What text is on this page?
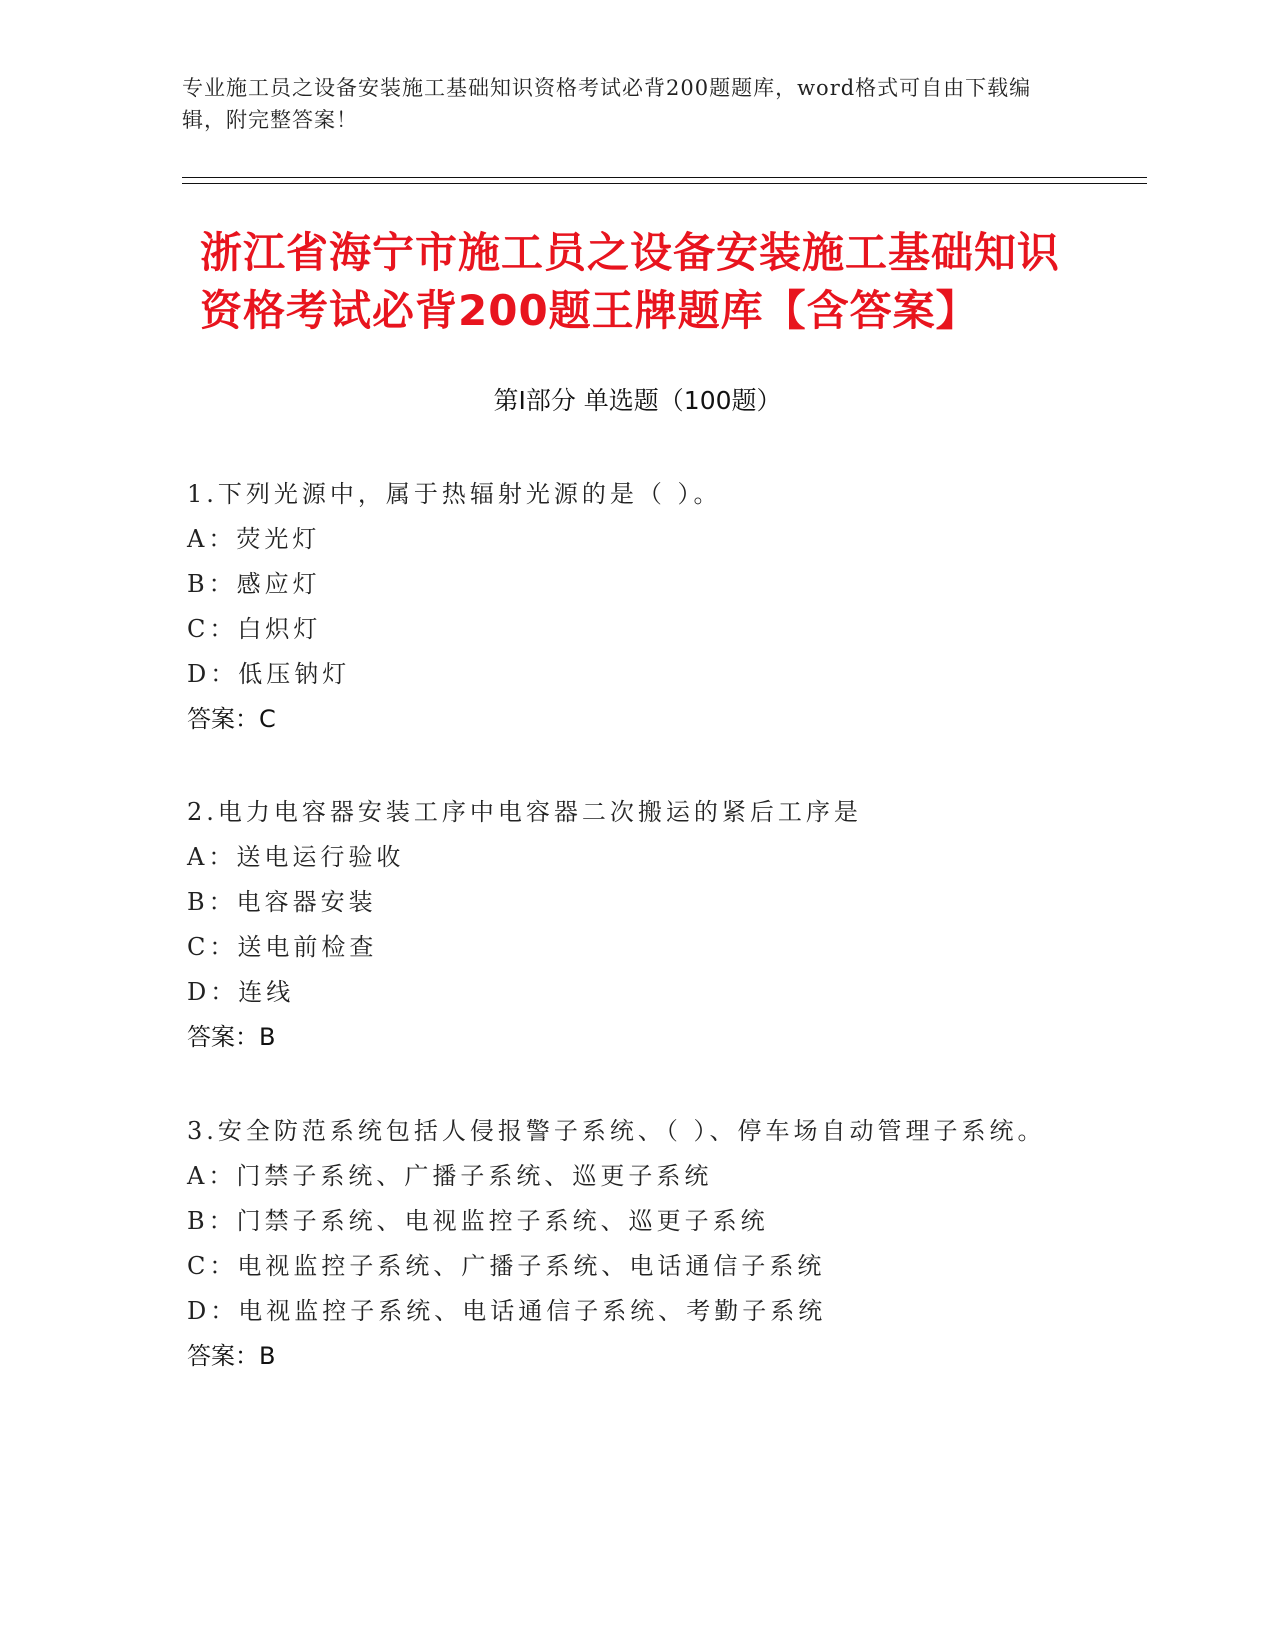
专业施工员之设备安装施工基础知识资格考试必背200题题库，word格式可自由下载编辑，附完整答案！
浙江省海宁市施工员之设备安装施工基础知识资格考试必背200题王牌题库【含答案】
第Ⅰ部分 单选题（100题）

1.下列光源中，属于热辐射光源的是（ ）。

A：荧光灯

B：感应灯

C：白炽灯

D：低压钠灯

答案：C

2.电力电容器安装工序中电容器二次搬运的紧后工序是

A：送电运行验收

B：电容器安装

C：送电前检查

D：连线

答案：B

3.安全防范系统包括人侵报警子系统、（ ）、停车场自动管理子系统。

A：门禁子系统、广播子系统、巡更子系统

B：门禁子系统、电视监控子系统、巡更子系统

C：电视监控子系统、广播子系统、电话通信子系统

D：电视监控子系统、电话通信子系统、考勤子系统

答案：B
